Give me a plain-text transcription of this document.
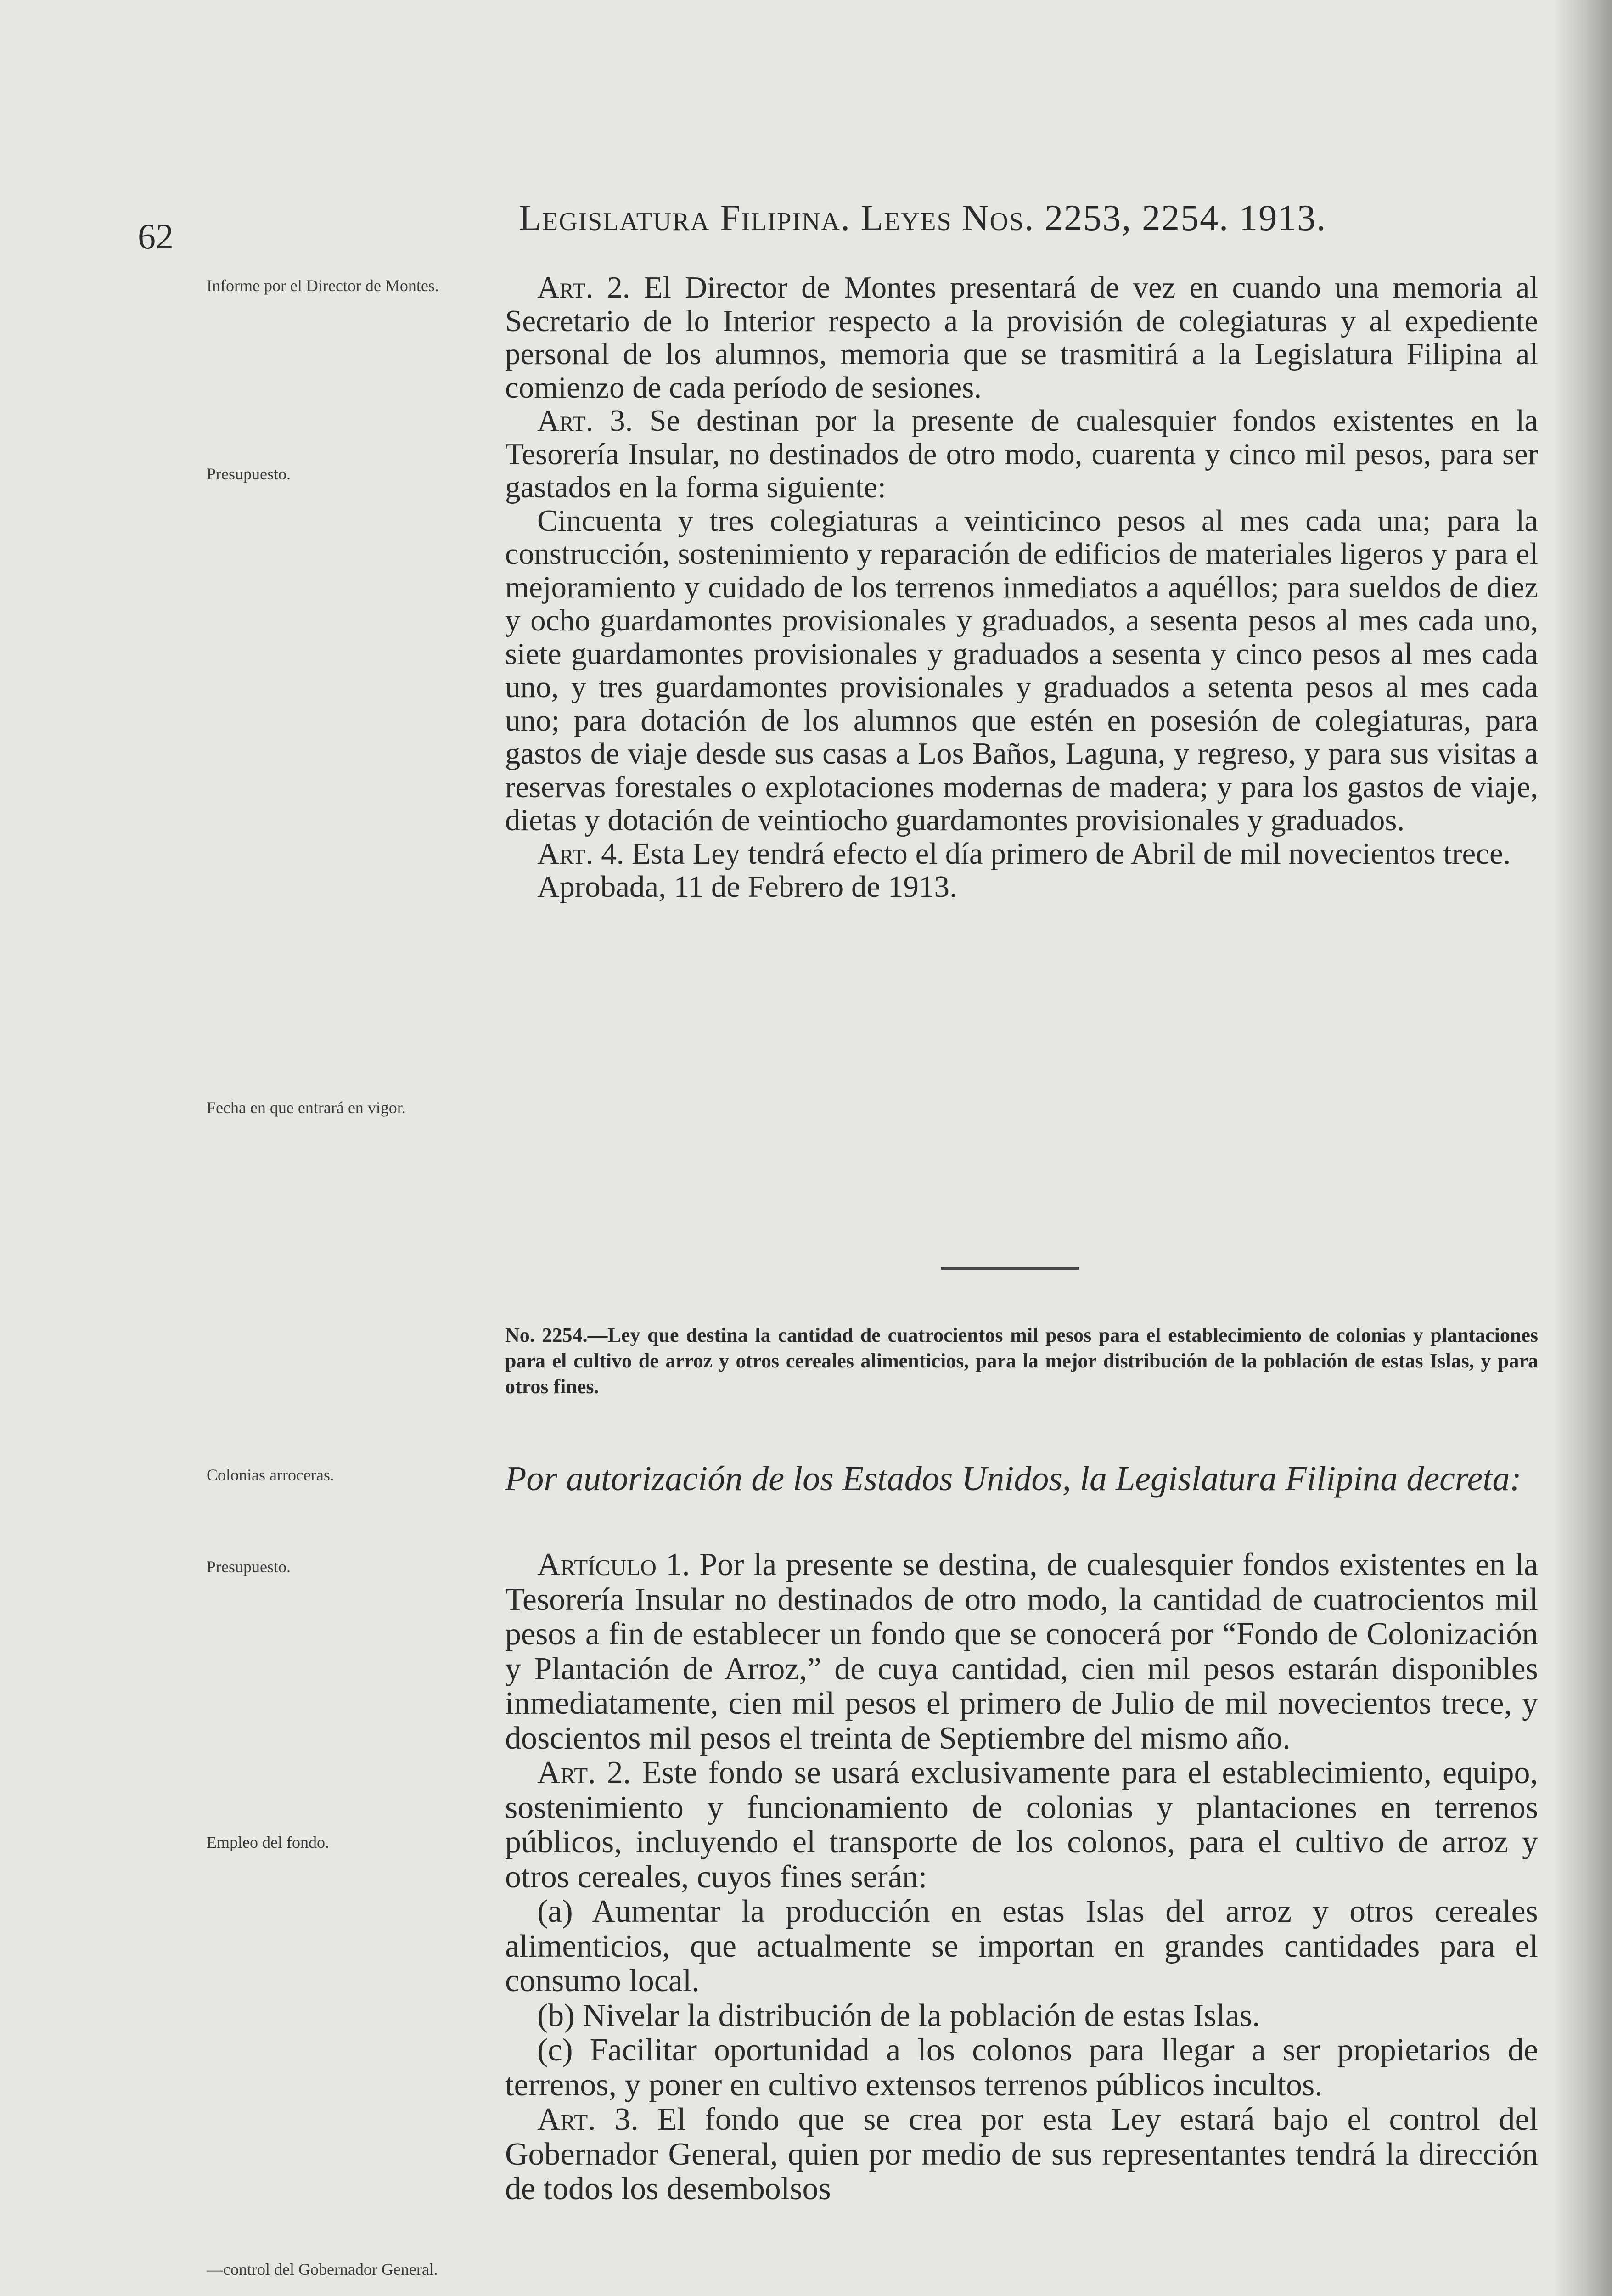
62	Legislatura Filipina. Leyes Nos. 2253, 2254. 1913.
Informe por el Director de Montes.
Presupuesto.
Fecha en que entrará en vigor.
Colonias arroceras.
Presupuesto.
Empleo del fondo.
—control del Gobernador General.

Art. 2. El Director de Montes presentará de vez en cuando una memoria al Secretario de lo Interior respecto a la provisión de colegiaturas y al expediente personal de los alumnos, memoria que se trasmitirá a la Legislatura Filipina al comienzo de cada período de sesiones.

Art. 3. Se destinan por la presente de cualesquier fondos existentes en la Tesorería Insular, no destinados de otro modo, cuarenta y cinco mil pesos, para ser gastados en la forma siguiente:

Cincuenta y tres colegiaturas a veinticinco pesos al mes cada una; para la construcción, sostenimiento y reparación de edificios de materiales ligeros y para el mejoramiento y cuidado de los terrenos inmediatos a aquéllos; para sueldos de diez y ocho guardamontes provisionales y graduados, a sesenta pesos al mes cada uno, siete guardamontes provisionales y graduados a sesenta y cinco pesos al mes cada uno, y tres guardamontes provisionales y graduados a setenta pesos al mes cada uno; para dotación de los alumnos que estén en posesión de colegiaturas, para gastos de viaje desde sus casas a Los Baños, Laguna, y regreso, y para sus visitas a reservas forestales o explotaciones modernas de madera; y para los gastos de viaje, dietas y dotación de veintiocho guardamontes provisionales y graduados.

Art. 4. Esta Ley tendrá efecto el día primero de Abril de mil novecientos trece.

Aprobada, 11 de Febrero de 1913.

No. 2254.—Ley que destina la cantidad de cuatrocientos mil pesos para el establecimiento de colonias y plantaciones para el cultivo de arroz y otros cereales alimenticios, para la mejor distribución de la población de estas Islas, y para otros fines.

Por autorización de los Estados Unidos, la Legislatura Filipina decreta:

Artículo 1. Por la presente se destina, de cualesquier fondos existentes en la Tesorería Insular no destinados de otro modo, la cantidad de cuatrocientos mil pesos a fin de establecer un fondo que se conocerá por “Fondo de Colonización y Plantación de Arroz,” de cuya cantidad, cien mil pesos estarán disponibles inmediatamente, cien mil pesos el primero de Julio de mil novecientos trece, y doscientos mil pesos el treinta de Septiembre del mismo año.

Art. 2. Este fondo se usará exclusivamente para el establecimiento, equipo, sostenimiento y funcionamiento de colonias y plantaciones en terrenos públicos, incluyendo el transporte de los colonos, para el cultivo de arroz y otros cereales, cuyos fines serán:

(a) Aumentar la producción en estas Islas del arroz y otros cereales alimenticios, que actualmente se importan en grandes cantidades para el consumo local.

(b) Nivelar la distribución de la población de estas Islas.

(c) Facilitar oportunidad a los colonos para llegar a ser propietarios de terrenos, y poner en cultivo extensos terrenos públicos incultos.

Art. 3. El fondo que se crea por esta Ley estará bajo el control del Gobernador General, quien por medio de sus representantes tendrá la dirección de todos los desembolsos
